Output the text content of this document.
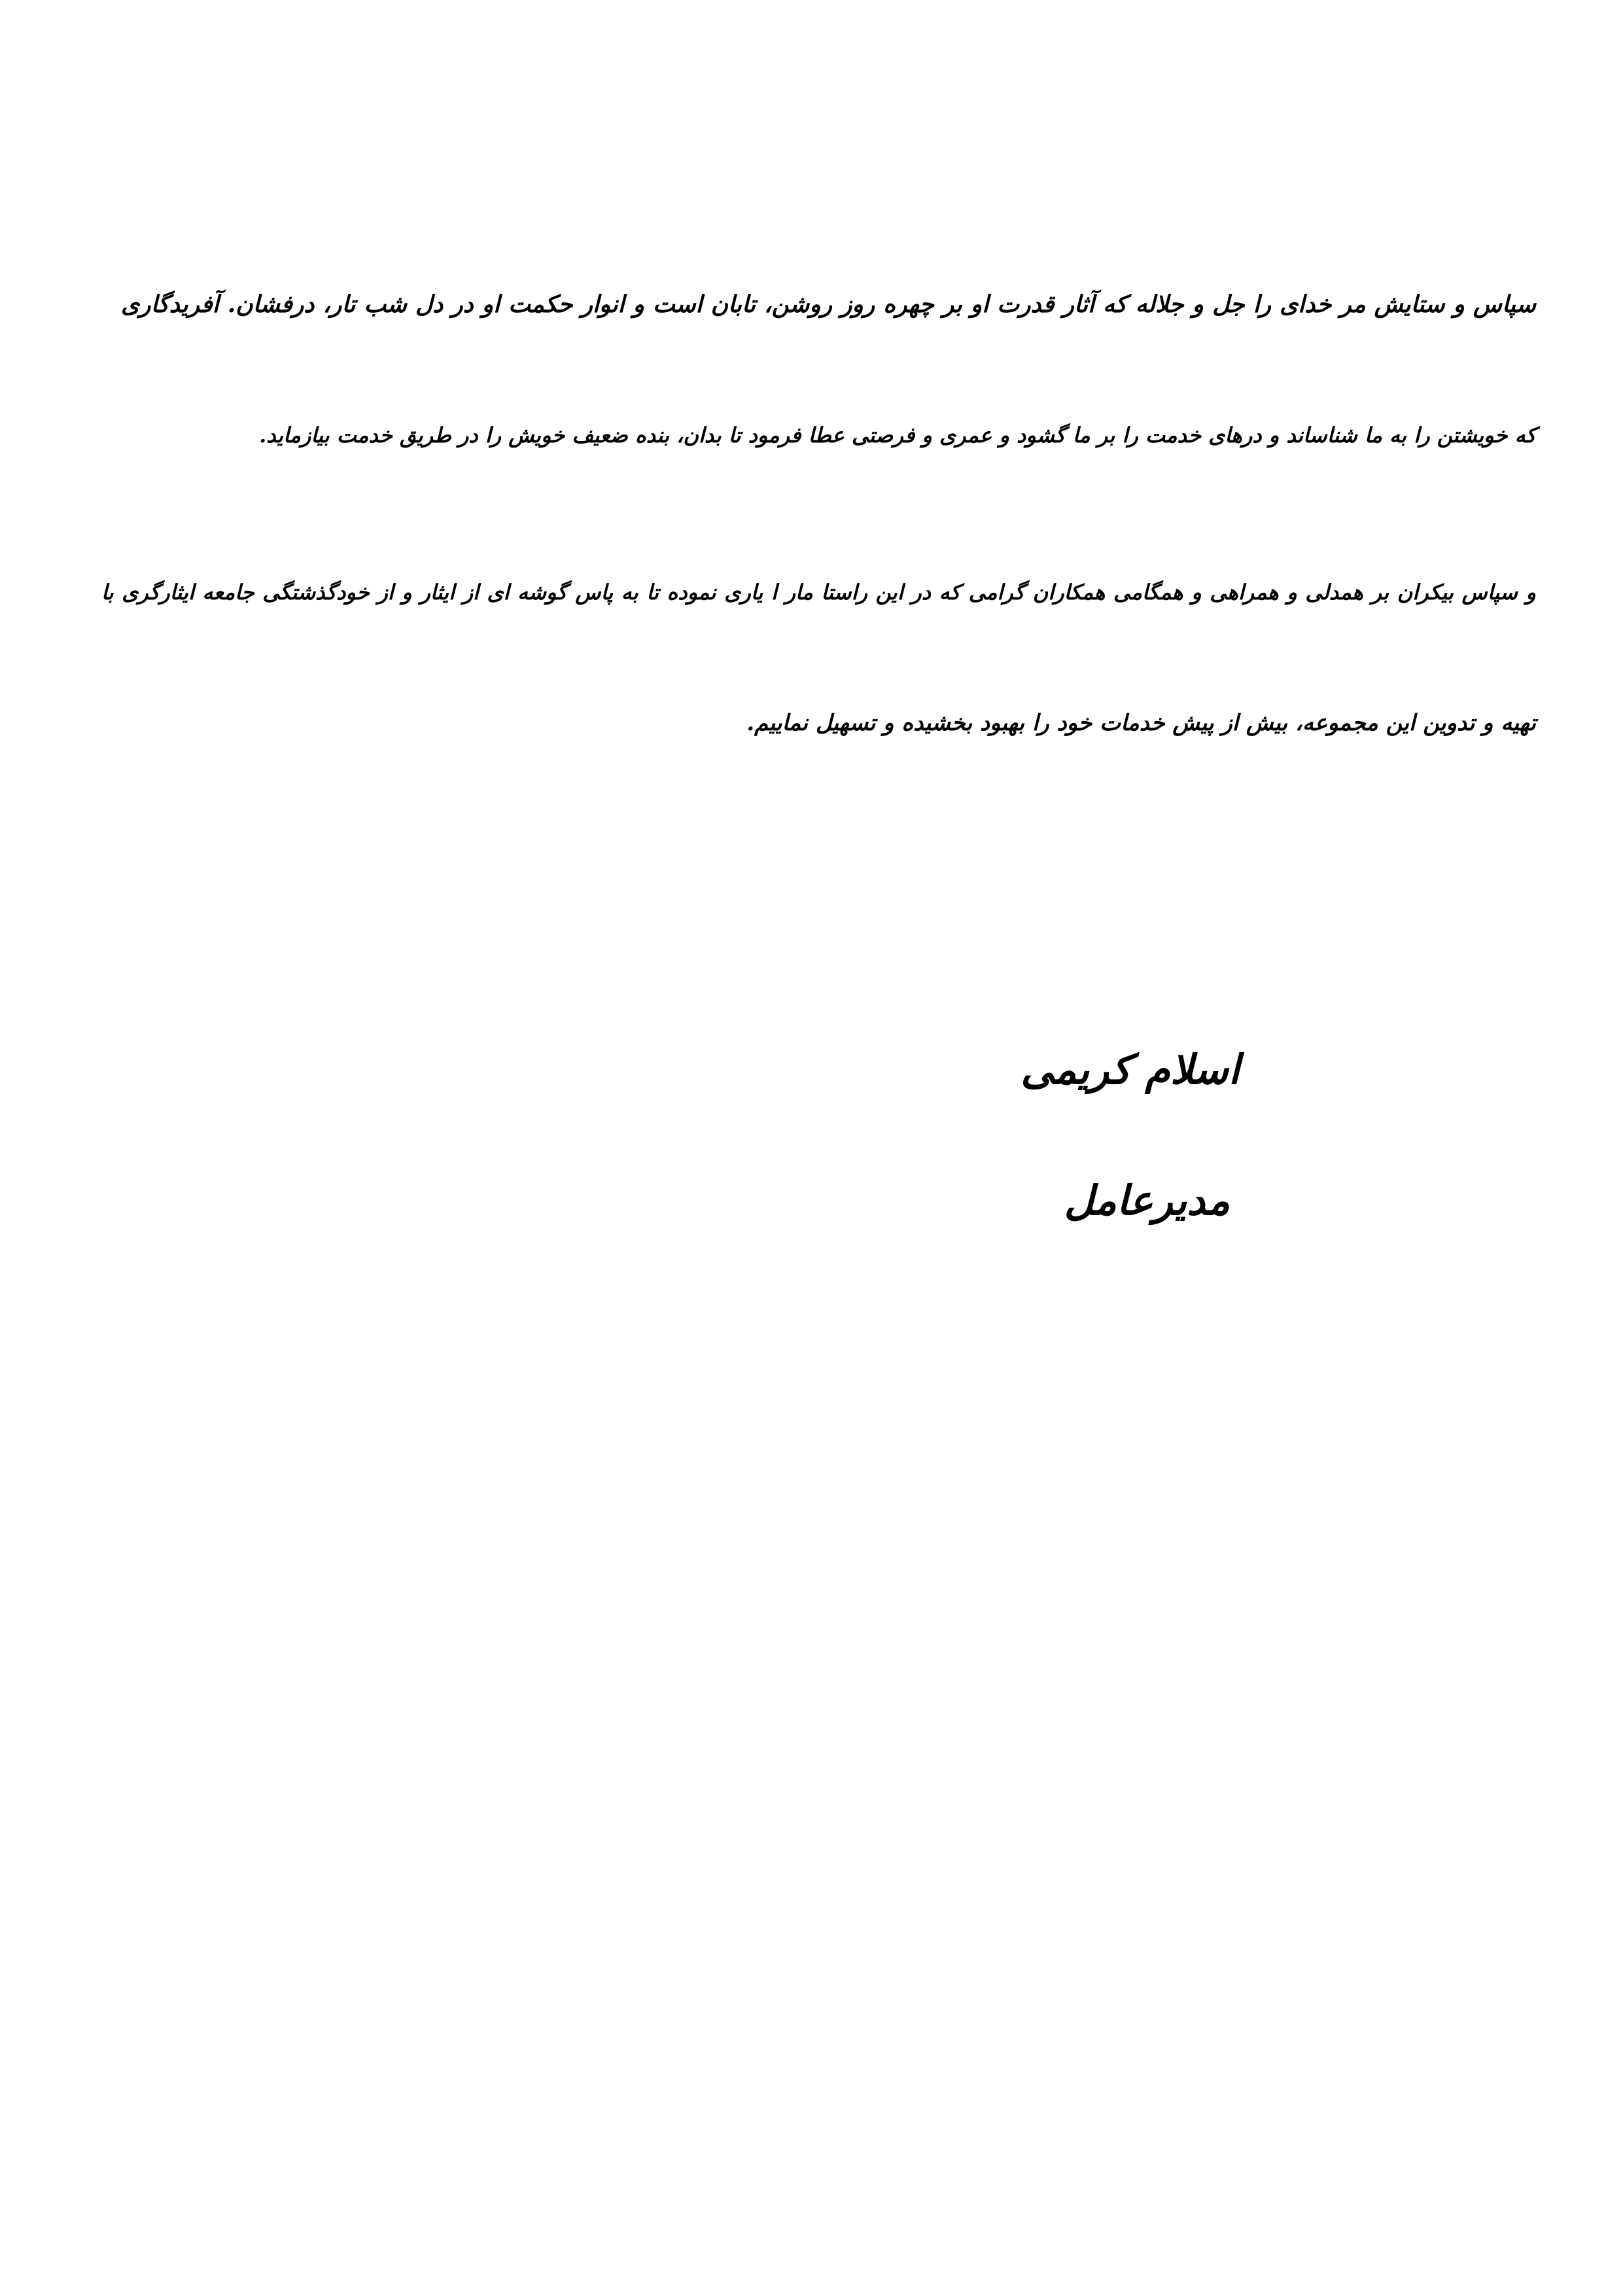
سپاس و ستایش مر خدای را جل و جلاله که آثار قدرت او بر چهره روز روشن، تابان است و انوار حکمت او در دل شب تار، درفشان. آفریدگاری
که خویشتن را به ما شناساند و درهای خدمت را بر ما گشود و عمری و فرصتی عطا فرمود تا بدان، بنده ضعیف خویش را در طریق خدمت بیازماید.
و سپاس بیکران بر همدلی و همراهی و همگامی همکاران گرامی که در این راستا مار ا یاری نموده تا به پاس گوشه ای از ایثار و از خودگذشتگی جامعه ایثارگری با
تهیه و تدوین این مجموعه، بیش از پیش خدمات خود را بهبود بخشیده و تسهیل نماییم.
اسلام کریمی
مدیرعامل
